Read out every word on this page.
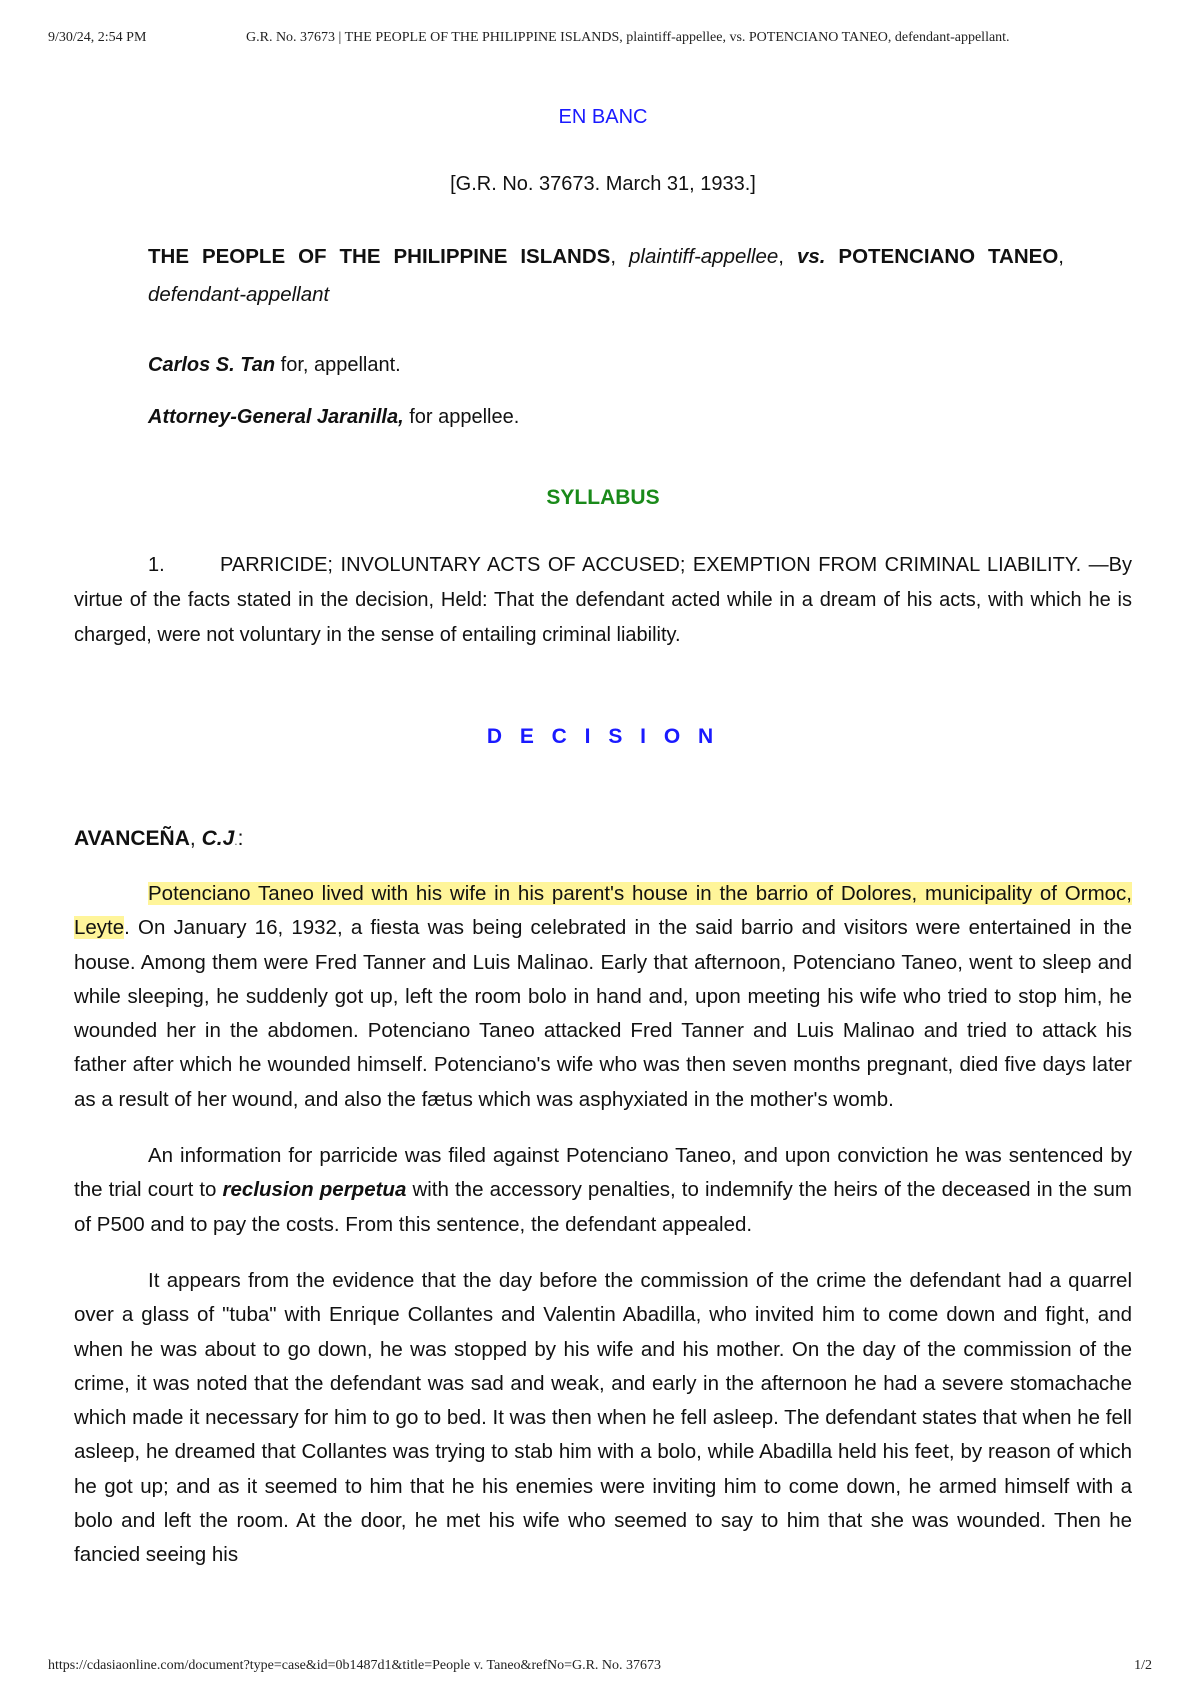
9/30/24, 2:54 PM	G.R. No. 37673 | THE PEOPLE OF THE PHILIPPINE ISLANDS, plaintiff-appellee, vs. POTENCIANO TANEO, defendant-appellant.

EN BANC

[G.R. No. 37673. March 31, 1933.]

THE PEOPLE OF THE PHILIPPINE ISLANDS, plaintiff-appellee, vs. POTENCIANO TANEO, defendant-appellant

Carlos S. Tan for, appellant.

Attorney-General Jaranilla, for appellee.

SYLLABUS

1.	PARRICIDE; INVOLUNTARY ACTS OF ACCUSED; EXEMPTION FROM CRIMINAL LIABILITY. —By virtue of the facts stated in the decision, Held: That the defendant acted while in a dream of his acts, with which he is charged, were not voluntary in the sense of entailing criminal liability.

D E C I S I O N

AVANCEÑA, C.J.:

Potenciano Taneo lived with his wife in his parent's house in the barrio of Dolores, municipality of Ormoc, Leyte. On January 16, 1932, a fiesta was being celebrated in the said barrio and visitors were entertained in the house. Among them were Fred Tanner and Luis Malinao. Early that afternoon, Potenciano Taneo, went to sleep and while sleeping, he suddenly got up, left the room bolo in hand and, upon meeting his wife who tried to stop him, he wounded her in the abdomen. Potenciano Taneo attacked Fred Tanner and Luis Malinao and tried to attack his father after which he wounded himself. Potenciano's wife who was then seven months pregnant, died five days later as a result of her wound, and also the fætus which was asphyxiated in the mother's womb.

An information for parricide was filed against Potenciano Taneo, and upon conviction he was sentenced by the trial court to reclusion perpetua with the accessory penalties, to indemnify the heirs of the deceased in the sum of P500 and to pay the costs. From this sentence, the defendant appealed.

It appears from the evidence that the day before the commission of the crime the defendant had a quarrel over a glass of "tuba" with Enrique Collantes and Valentin Abadilla, who invited him to come down and fight, and when he was about to go down, he was stopped by his wife and his mother. On the day of the commission of the crime, it was noted that the defendant was sad and weak, and early in the afternoon he had a severe stomachache which made it necessary for him to go to bed. It was then when he fell asleep. The defendant states that when he fell asleep, he dreamed that Collantes was trying to stab him with a bolo, while Abadilla held his feet, by reason of which he got up; and as it seemed to him that he his enemies were inviting him to come down, he armed himself with a bolo and left the room. At the door, he met his wife who seemed to say to him that she was wounded. Then he fancied seeing his

https://cdasiaonline.com/document?type=case&id=0b1487d1&title=People v. Taneo&refNo=G.R. No. 37673	1/2
